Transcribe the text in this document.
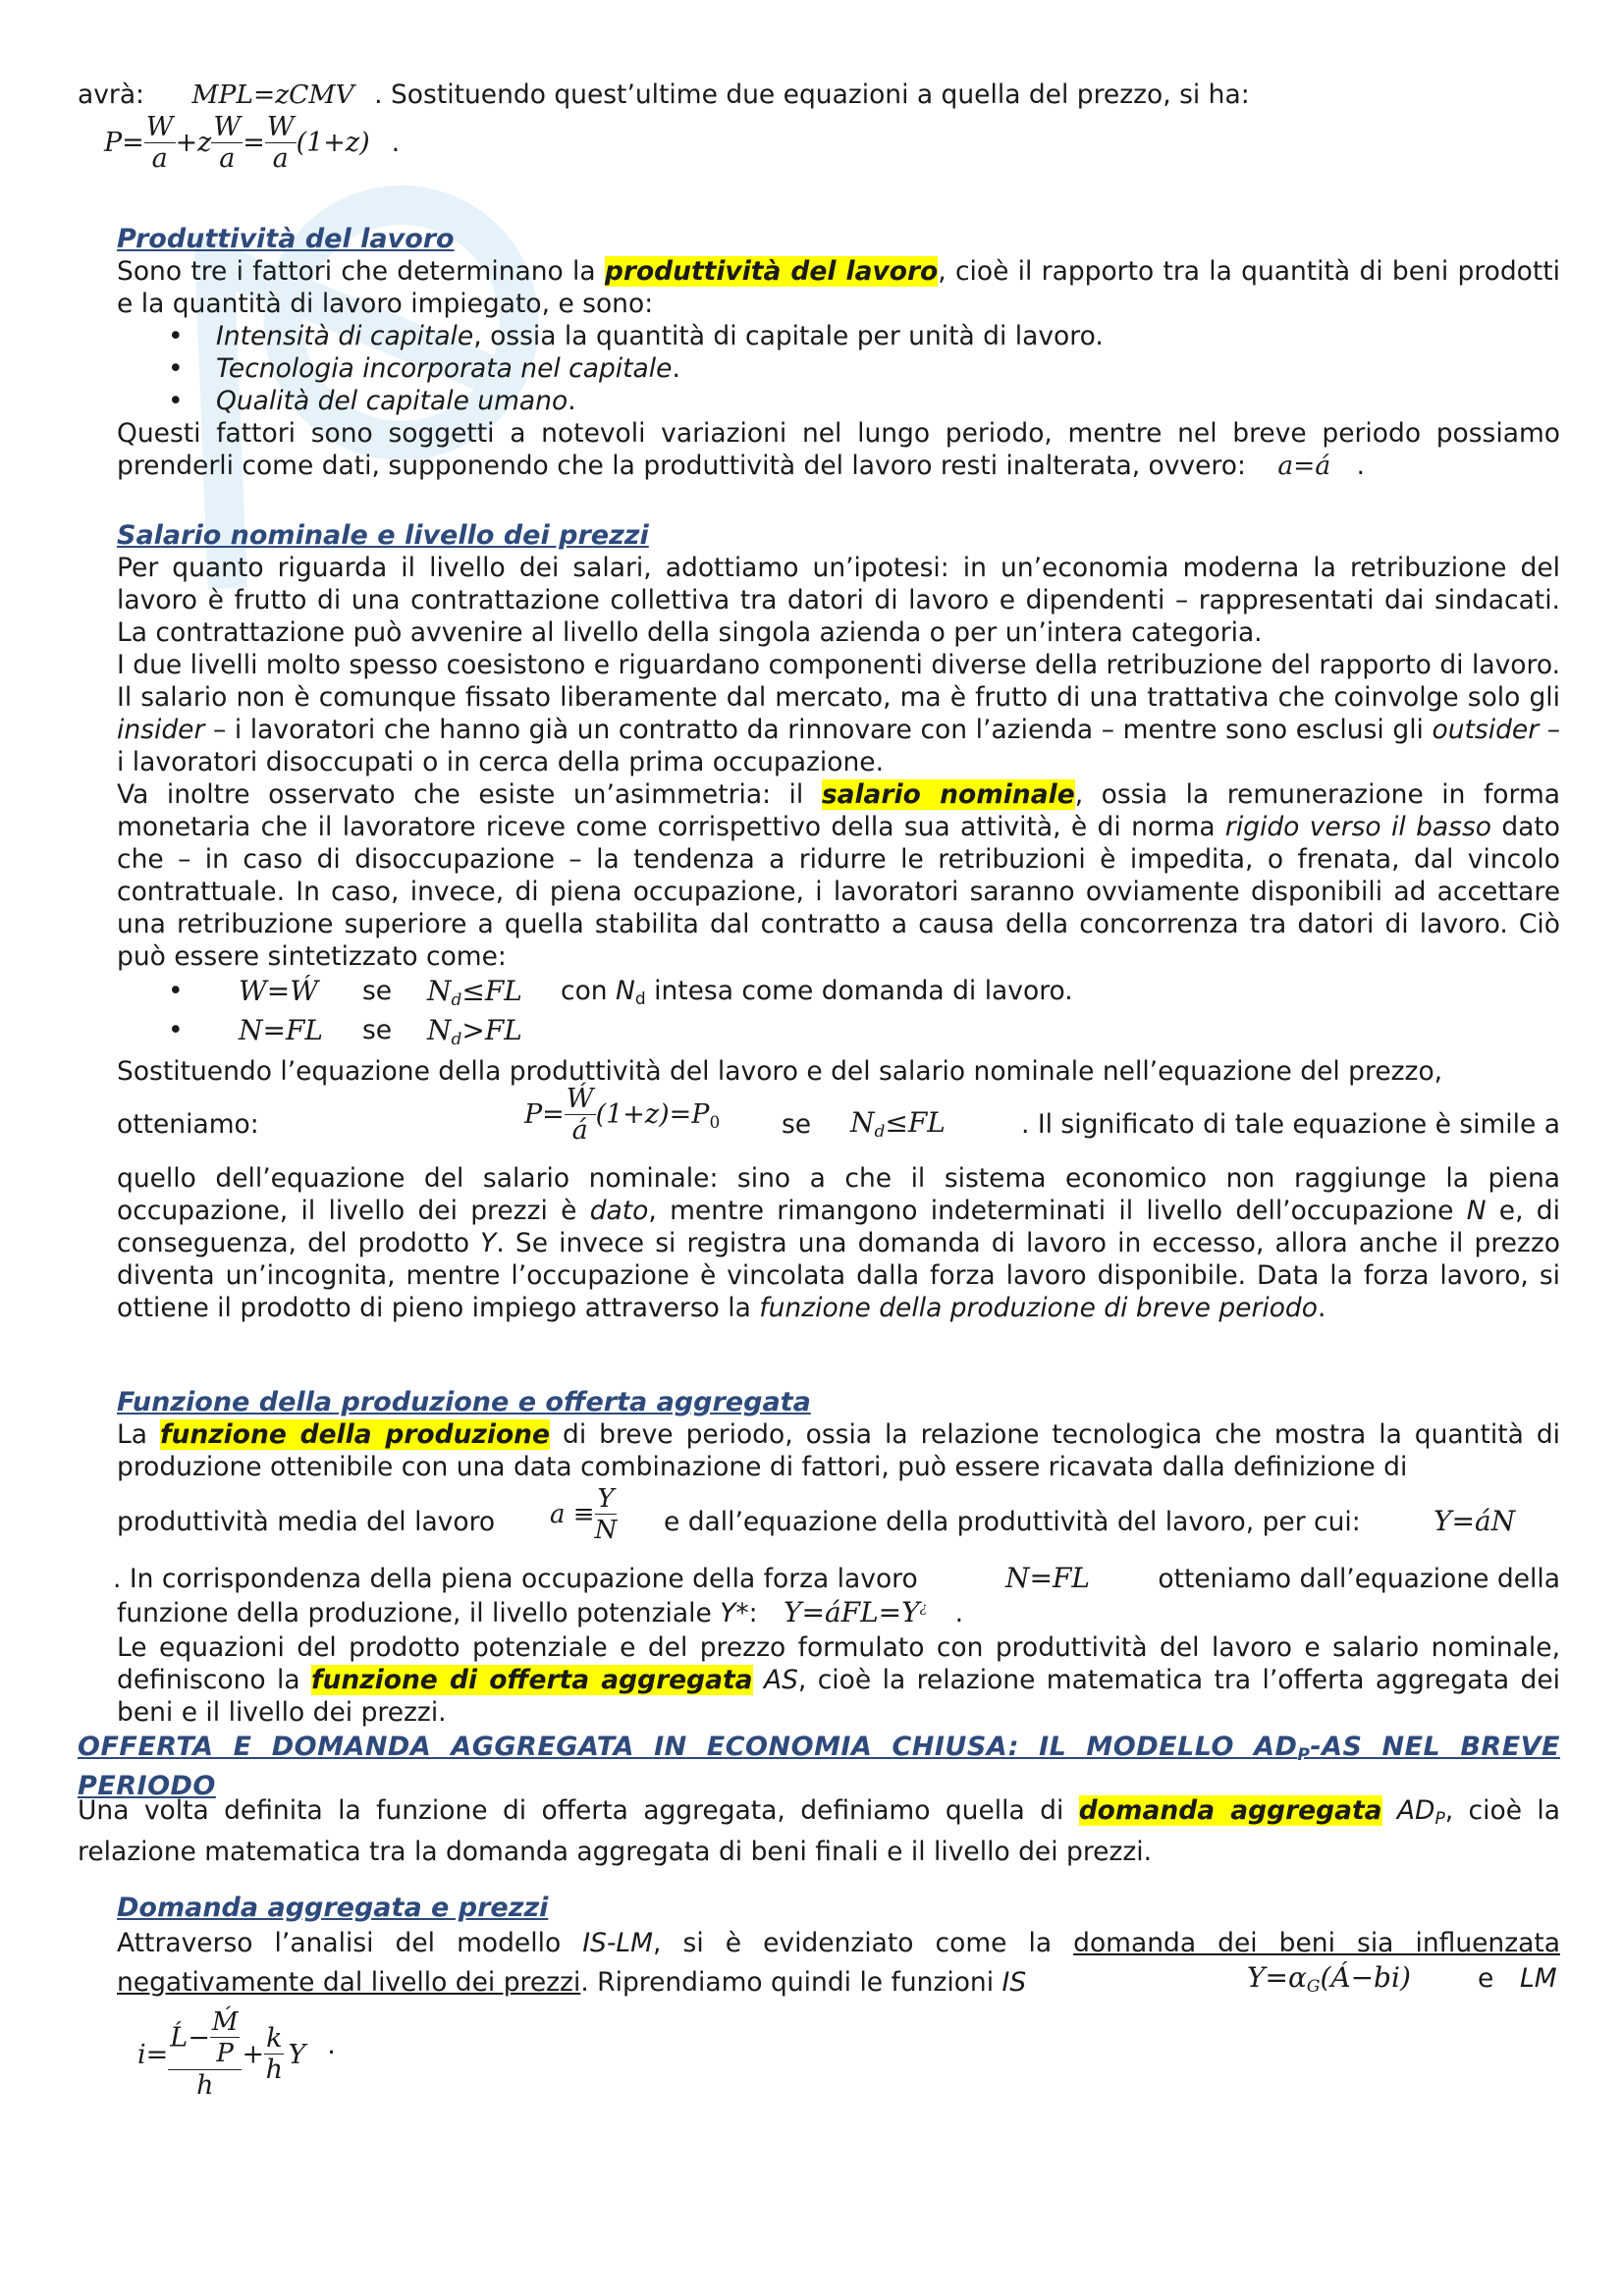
avrà: MPL=zCMV . Sostituendo quest’ultime due equazioni a quella del prezzo, si ha:
$P= \frac{W}{a} +z \frac{W}{a} = \frac{W}{a} (1+z)$ .
Produttività del lavoro
Sono tre i fattori che determinano la produttività del lavoro, cioè il rapporto tra la quantità di beni prodotti e la quantità di lavoro impiegato, e sono:
• Intensità di capitale, ossia la quantità di capitale per unità di lavoro.
• Tecnologia incorporata nel capitale.
• Qualità del capitale umano.
Questi fattori sono soggetti a notevoli variazioni nel lungo periodo, mentre nel breve periodo possiamo prenderli come dati, supponendo che la produttività del lavoro resti inalterata, ovvero: a=á .
Salario nominale e livello dei prezzi
Per quanto riguarda il livello dei salari, adottiamo un’ipotesi: in un’economia moderna la retribuzione del lavoro è frutto di una contrattazione collettiva tra datori di lavoro e dipendenti – rappresentati dai sindacati. La contrattazione può avvenire al livello della singola azienda o per un’intera categoria.
I due livelli molto spesso coesistono e riguardano componenti diverse della retribuzione del rapporto di lavoro. Il salario non è comunque fissato liberamente dal mercato, ma è frutto di una trattativa che coinvolge solo gli insider – i lavoratori che hanno già un contratto da rinnovare con l’azienda – mentre sono esclusi gli outsider – i lavoratori disoccupati o in cerca della prima occupazione.
Va inoltre osservato che esiste un’asimmetria: il salario nominale, ossia la remunerazione in forma monetaria che il lavoratore riceve come corrispettivo della sua attività, è di norma rigido verso il basso dato che – in caso di disoccupazione – la tendenza a ridurre le retribuzioni è impedita, o frenata, dal vincolo contrattuale. In caso, invece, di piena occupazione, i lavoratori saranno ovviamente disponibili ad accettare una retribuzione superiore a quella stabilita dal contratto a causa della concorrenza tra datori di lavoro. Ciò può essere sintetizzato come:
• W=Ẃ se $N_d\le FL$ con $N_d$ intesa come domanda di lavoro.
• N=FL se $N_d>FL$
Sostituendo l’equazione della produttività del lavoro e del salario nominale nell’equazione del prezzo,
otteniamo:	$P= \frac{\text{Ẃ}}{á} (1+z)=P_0$ se $N_d\le FL$	. Il significato di tale equazione è simile a
quello dell’equazione del salario nominale: sino a che il sistema economico non raggiunge la piena occupazione, il livello dei prezzi è dato, mentre rimangono indeterminati il livello dell’occupazione N e, di conseguenza, del prodotto Y. Se invece si registra una domanda di lavoro in eccesso, allora anche il prezzo diventa un’incognita, mentre l’occupazione è vincolata dalla forza lavoro disponibile. Data la forza lavoro, si ottiene il prodotto di pieno impiego attraverso la funzione della produzione di breve periodo.
Funzione della produzione e offerta aggregata
La funzione della produzione di breve periodo, ossia la relazione tecnologica che mostra la quantità di produzione ottenibile con una data combinazione di fattori, può essere ricavata dalla definizione di
produttività media del lavoro $a \equiv \frac{Y}{N}$ e dall’equazione della produttività del lavoro, per cui:	Y=áN
. In corrispondenza della piena occupazione della forza lavoro	N=FL	otteniamo dall’equazione della
funzione della produzione, il livello potenziale Y*: Y=áFL=Y¿ .
Le equazioni del prodotto potenziale e del prezzo formulato con produttività del lavoro e salario nominale, definiscono la funzione di offerta aggregata AS, cioè la relazione matematica tra l’offerta aggregata dei beni e il livello dei prezzi.
OFFERTA E DOMANDA AGGREGATA IN ECONOMIA CHIUSA: IL MODELLO $AD_P-AS$ NEL BREVE PERIODO
Una volta definita la funzione di offerta aggregata, definiamo quella di domanda aggregata $AD_P$, cioè la relazione matematica tra la domanda aggregata di beni finali e il livello dei prezzi.
Domanda aggregata e prezzi
Attraverso l’analisi del modello IS-LM, si è evidenziato come la domanda dei beni sia influenzata negativamente dal livello dei prezzi. Riprendiamo quindi le funzioni IS	$Y=\alpha_G(Á-bi)$	e LM
$i= \frac{Ĺ- \frac{\text{Ḿ}}{P}}{h} + \frac{k}{h}$ Y .
